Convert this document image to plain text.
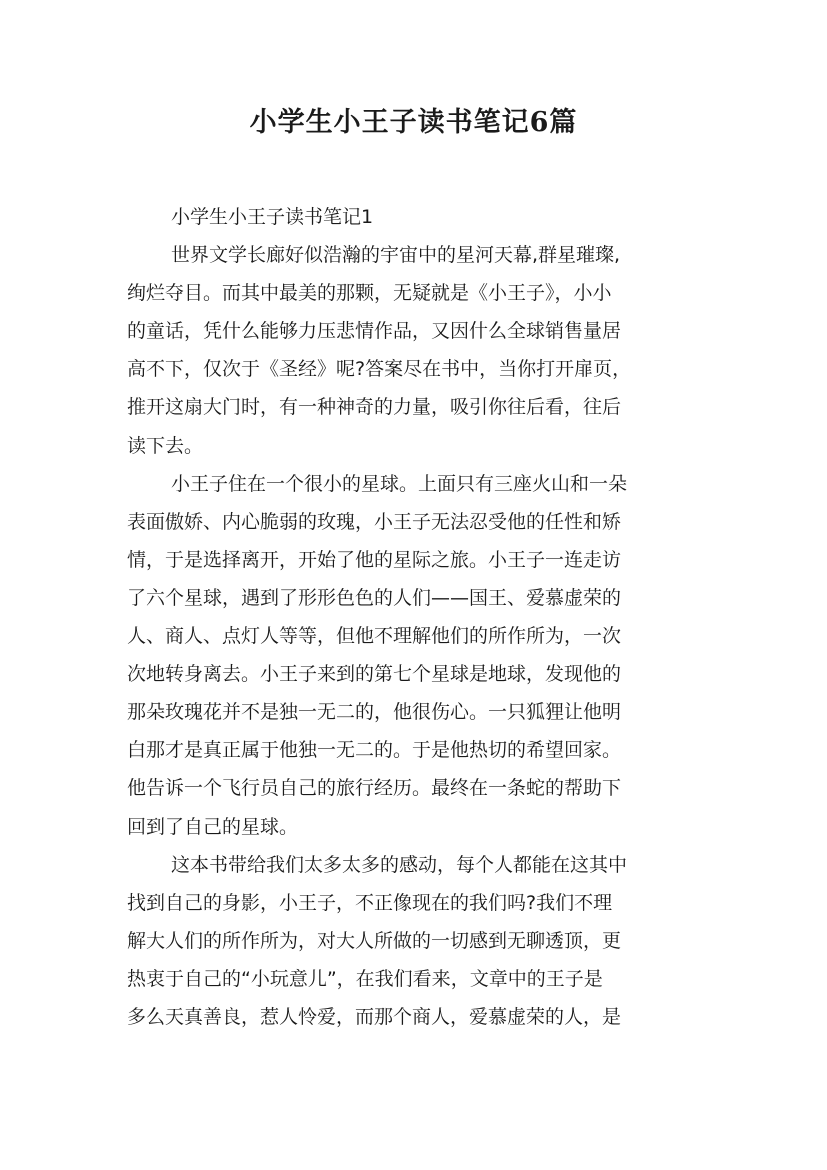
小学生小王子读书笔记6篇

小学生小王子读书笔记1

世界文学长廊好似浩瀚的宇宙中的星河天幕,群星璀璨,
绚烂夺目。而其中最美的那颗，无疑就是《小王子》，小小
的童话，凭什么能够力压悲情作品，又因什么全球销售量居
高不下，仅次于《圣经》呢?答案尽在书中，当你打开扉页，
推开这扇大门时，有一种神奇的力量，吸引你往后看，往后
读下去。

小王子住在一个很小的星球。上面只有三座火山和一朵
表面傲娇、内心脆弱的玫瑰，小王子无法忍受他的任性和矫
情，于是选择离开，开始了他的星际之旅。小王子一连走访
了六个星球，遇到了形形色色的人们——国王、爱慕虚荣的
人、商人、点灯人等等，但他不理解他们的所作所为，一次
次地转身离去。小王子来到的第七个星球是地球，发现他的
那朵玫瑰花并不是独一无二的，他很伤心。一只狐狸让他明
白那才是真正属于他独一无二的。于是他热切的希望回家。
他告诉一个飞行员自己的旅行经历。最终在一条蛇的帮助下
回到了自己的星球。

这本书带给我们太多太多的感动，每个人都能在这其中
找到自己的身影，小王子，不正像现在的我们吗?我们不理
解大人们的所作所为，对大人所做的一切感到无聊透顶，更
热衷于自己的“小玩意儿”，在我们看来，文章中的王子是
多么天真善良，惹人怜爱，而那个商人，爱慕虚荣的人，是
